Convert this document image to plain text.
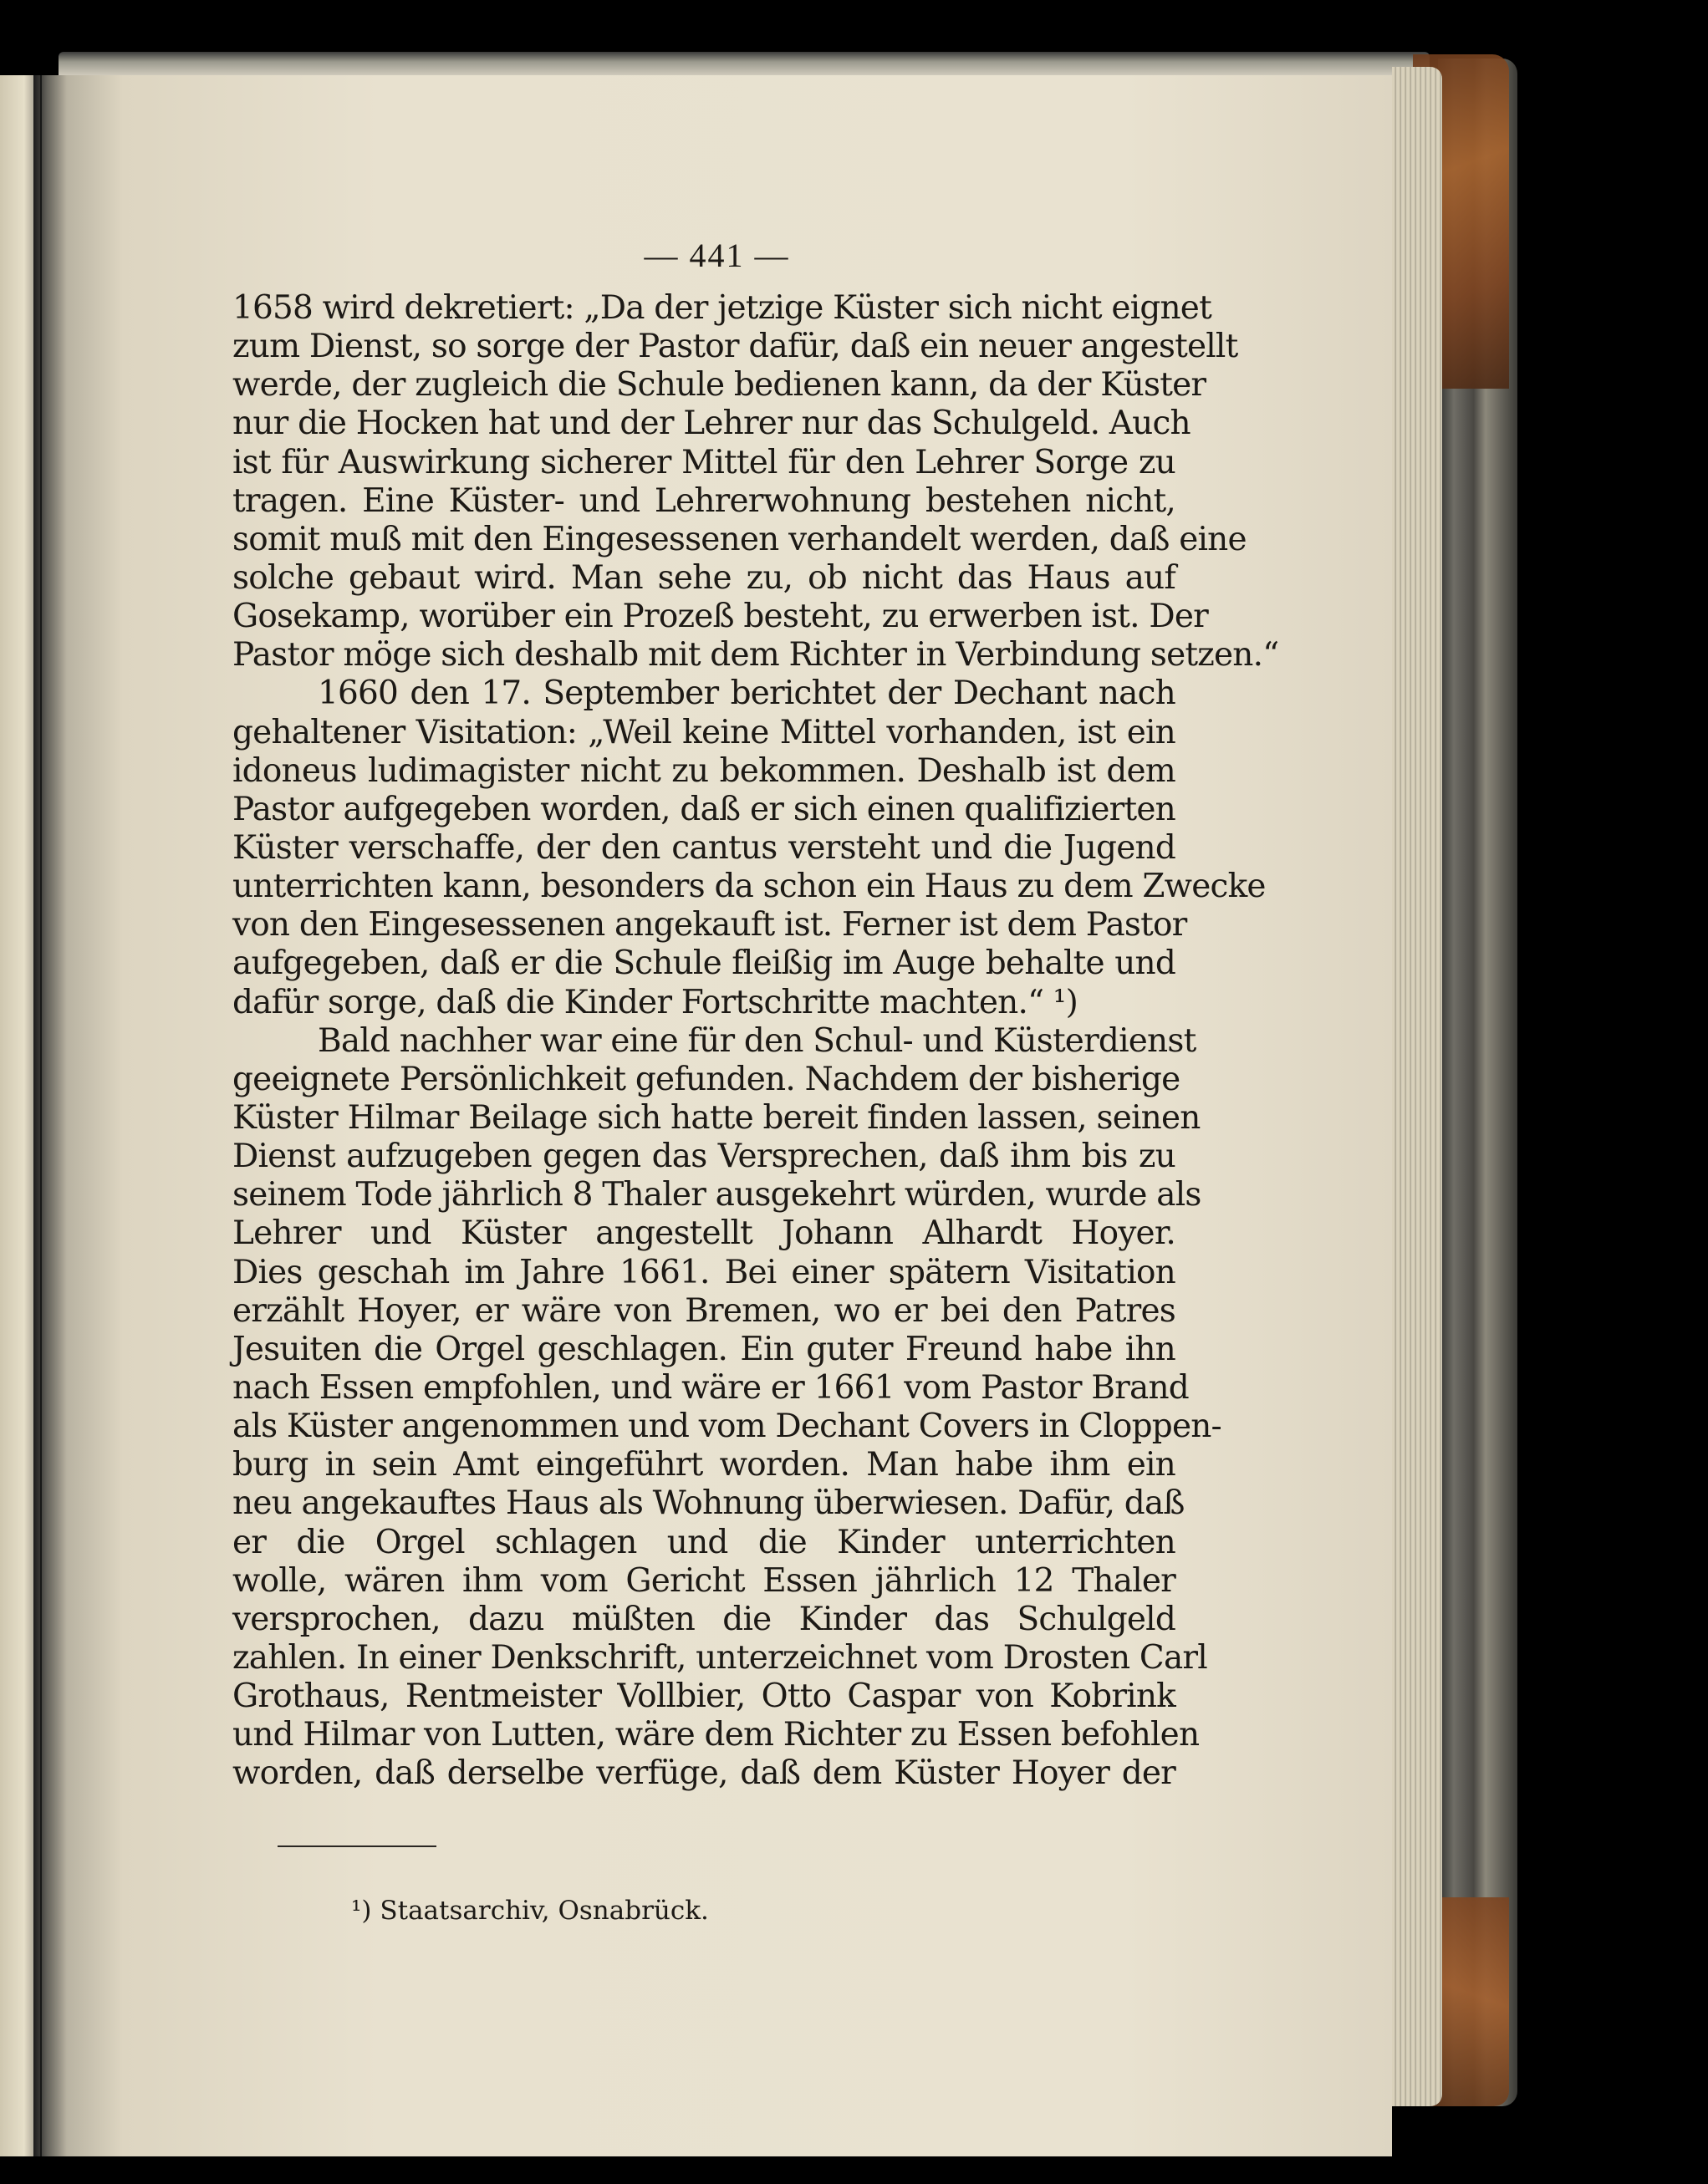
— 441 —
1658 wird dekretiert: „Da der jetzige Küster sich nicht eignet
zum Dienst, so sorge der Pastor dafür, daß ein neuer angestellt
werde, der zugleich die Schule bedienen kann, da der Küster
nur die Hocken hat und der Lehrer nur das Schulgeld. Auch
ist für Auswirkung sicherer Mittel für den Lehrer Sorge zu
tragen. Eine Küster- und Lehrerwohnung bestehen nicht,
somit muß mit den Eingesessenen verhandelt werden, daß eine
solche gebaut wird. Man sehe zu, ob nicht das Haus auf
Gosekamp, worüber ein Prozeß besteht, zu erwerben ist. Der
Pastor möge sich deshalb mit dem Richter in Verbindung setzen.“
1660 den 17. September berichtet der Dechant nach
gehaltener Visitation: „Weil keine Mittel vorhanden, ist ein
idoneus ludimagister nicht zu bekommen. Deshalb ist dem
Pastor aufgegeben worden, daß er sich einen qualifizierten
Küster verschaffe, der den cantus versteht und die Jugend
unterrichten kann, besonders da schon ein Haus zu dem Zwecke
von den Eingesessenen angekauft ist. Ferner ist dem Pastor
aufgegeben, daß er die Schule fleißig im Auge behalte und
dafür sorge, daß die Kinder Fortschritte machten.“ ¹)
Bald nachher war eine für den Schul- und Küsterdienst
geeignete Persönlichkeit gefunden. Nachdem der bisherige
Küster Hilmar Beilage sich hatte bereit finden lassen, seinen
Dienst aufzugeben gegen das Versprechen, daß ihm bis zu
seinem Tode jährlich 8 Thaler ausgekehrt würden, wurde als
Lehrer und Küster angestellt Johann Alhardt Hoyer.
Dies geschah im Jahre 1661. Bei einer spätern Visitation
erzählt Hoyer, er wäre von Bremen, wo er bei den Patres
Jesuiten die Orgel geschlagen. Ein guter Freund habe ihn
nach Essen empfohlen, und wäre er 1661 vom Pastor Brand
als Küster angenommen und vom Dechant Covers in Cloppen-
burg in sein Amt eingeführt worden. Man habe ihm ein
neu angekauftes Haus als Wohnung überwiesen. Dafür, daß
er die Orgel schlagen und die Kinder unterrichten
wolle, wären ihm vom Gericht Essen jährlich 12 Thaler
versprochen, dazu müßten die Kinder das Schulgeld
zahlen. In einer Denkschrift, unterzeichnet vom Drosten Carl
Grothaus, Rentmeister Vollbier, Otto Caspar von Kobrink
und Hilmar von Lutten, wäre dem Richter zu Essen befohlen
worden, daß derselbe verfüge, daß dem Küster Hoyer der
¹) Staatsarchiv, Osnabrück.
